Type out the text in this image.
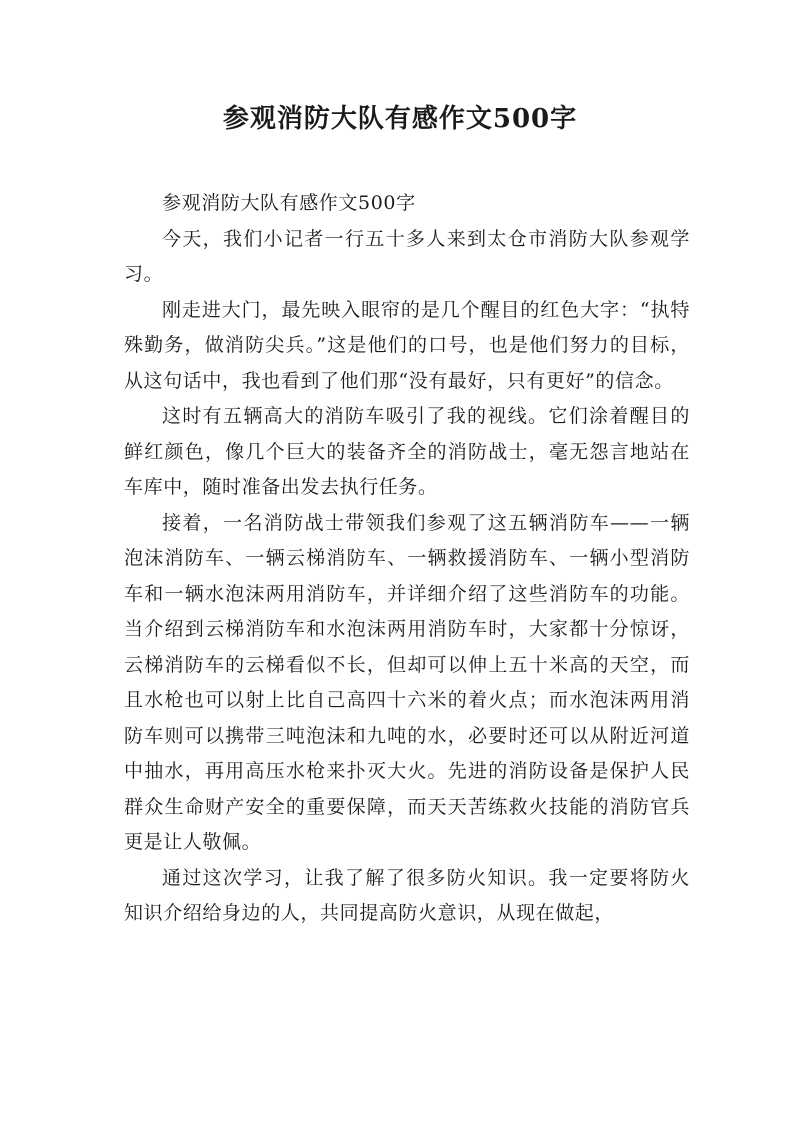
参观消防大队有感作文500字

参观消防大队有感作文500字

今天，我们小记者一行五十多人来到太仓市消防大队参观学习。

刚走进大门，最先映入眼帘的是几个醒目的红色大字：“执特殊勤务，做消防尖兵。”这是他们的口号，也是他们努力的目标，从这句话中，我也看到了他们那“没有最好，只有更好”的信念。

这时有五辆高大的消防车吸引了我的视线。它们涂着醒目的鲜红颜色，像几个巨大的装备齐全的消防战士，毫无怨言地站在车库中，随时准备出发去执行任务。

接着，一名消防战士带领我们参观了这五辆消防车——一辆泡沫消防车、一辆云梯消防车、一辆救援消防车、一辆小型消防车和一辆水泡沫两用消防车，并详细介绍了这些消防车的功能。当介绍到云梯消防车和水泡沫两用消防车时，大家都十分惊讶，云梯消防车的云梯看似不长，但却可以伸上五十米高的天空，而且水枪也可以射上比自己高四十六米的着火点；而水泡沫两用消防车则可以携带三吨泡沫和九吨的水，必要时还可以从附近河道中抽水，再用高压水枪来扑灭大火。先进的消防设备是保护人民群众生命财产安全的重要保障，而天天苦练救火技能的消防官兵更是让人敬佩。

通过这次学习，让我了解了很多防火知识。我一定要将防火知识介绍给身边的人，共同提高防火意识，从现在做起，
